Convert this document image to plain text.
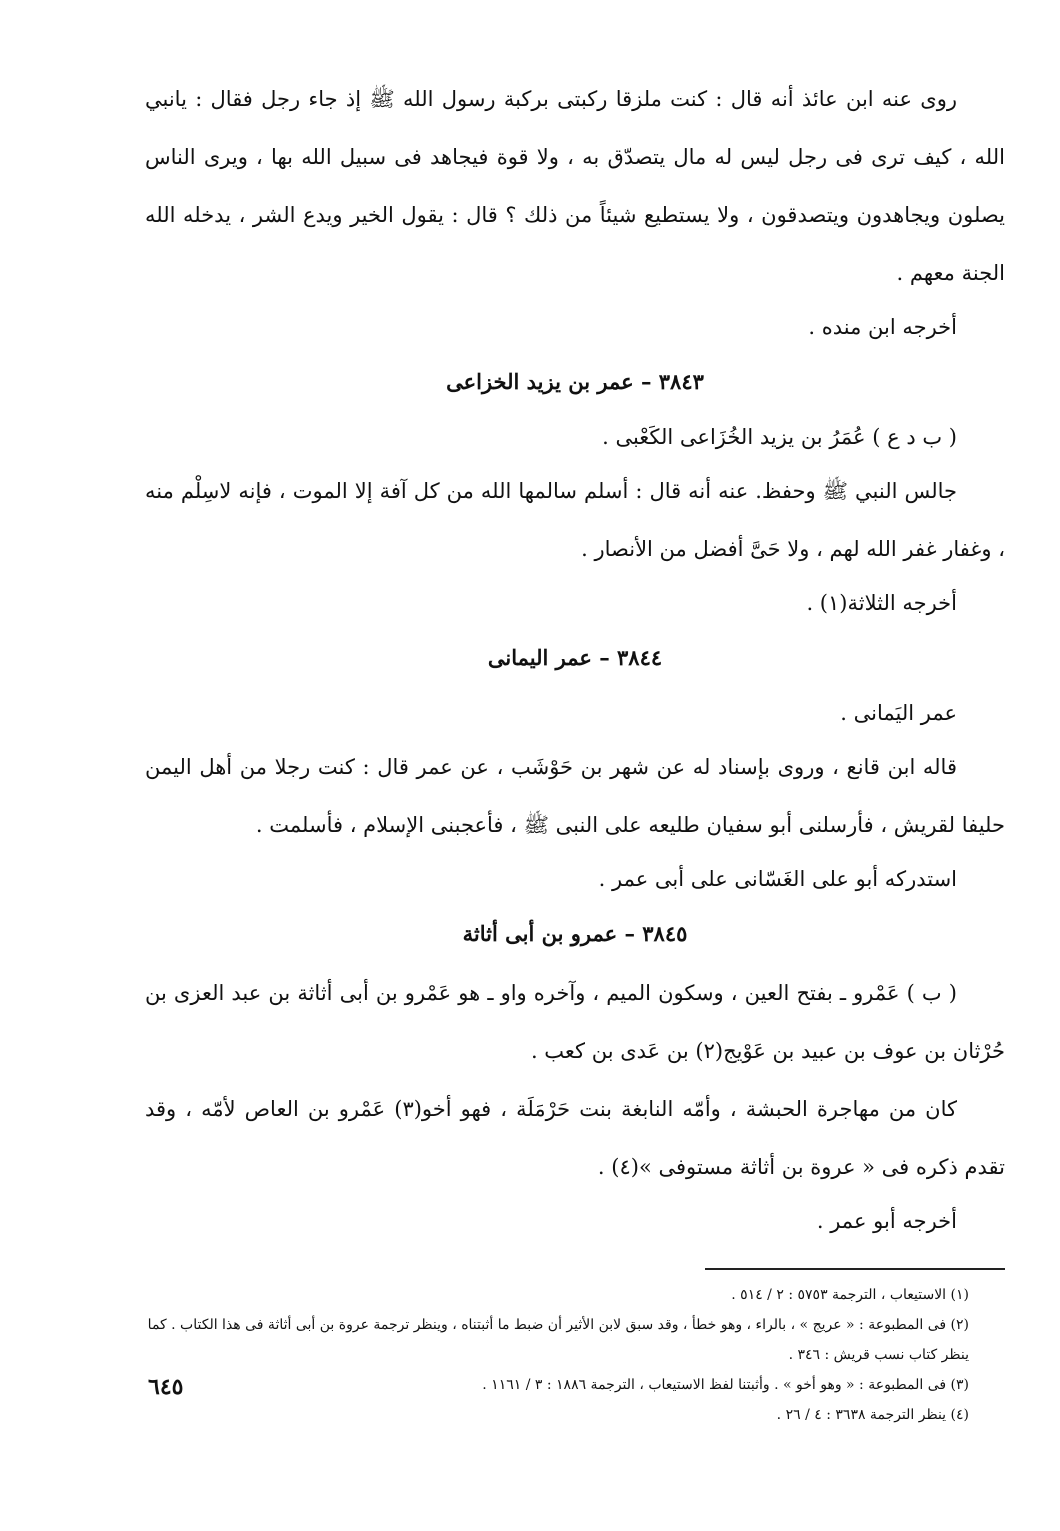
روى عنه ابن عائذ أنه قال : كنت ملزقا ركبتى بركبة رسول الله ﷺ إذ جاء رجل فقال : يانبي الله ، كيف ترى فى رجل ليس له مال يتصدّق به ، ولا قوة فيجاهد فى سبيل الله بها ، ويرى الناس يصلون ويجاهدون ويتصدقون ، ولا يستطيع شيئاً من ذلك ؟ قال : يقول الخير ويدع الشر ، يدخله الله الجنة معهم .

أخرجه ابن منده .

٣٨٤٣ – عمر بن يزيد الخزاعى

( ب د ع ) عُمَرُ بن يزيد الخُزَاعى الكَعْبى .

جالس النبي ﷺ وحفظ. عنه أنه قال : أسلم سالمها الله من كل آفة إلا الموت ، فإنه لاسِلْم منه ، وغفار غفر الله لهم ، ولا حَىَّ أفضل من الأنصار .

أخرجه الثلاثة(١) .

٣٨٤٤ – عمر اليمانى

عمر اليَمانى .

قاله ابن قانع ، وروى بإسناد له عن شهر بن حَوْشَب ، عن عمر قال : كنت رجلا من أهل اليمن حليفا لقريش ، فأرسلنى أبو سفيان طليعه على النبى ﷺ ، فأعجبنى الإسلام ، فأسلمت .

استدركه أبو على الغَسّانى على أبى عمر .

٣٨٤٥ – عمرو بن أبى أثاثة

( ب ) عَمْرو ـ بفتح العين ، وسكون الميم ، وآخره واو ـ هو عَمْرو بن أبى أثاثة بن عبد العزى بن حُرْثان بن عوف بن عبيد بن عَوْيج(٢) بن عَدى بن كعب .

كان من مهاجرة الحبشة ، وأمّه النابغة بنت حَرْمَلَة ، فهو أخو(٣) عَمْرو بن العاص لأمّه ، وقد تقدم ذكره فى « عروة بن أثاثة مستوفى »(٤) .

أخرجه أبو عمر .

(١) الاستيعاب ، الترجمة ٥٧٥٣ : ٢ / ٥١٤ .

(٢) فى المطبوعة : « عريج » ، بالراء ، وهو خطأ ، وقد سبق لابن الأثير أن ضبط ما أثبتناه ، وينظر ترجمة عروة بن أبى أثاثة فى هذا الكتاب . كما ينظر كتاب نسب قريش : ٣٤٦ .

(٣) فى المطبوعة : « وهو أخو » . وأثبتنا لفظ الاستيعاب ، الترجمة ١٨٨٦ : ٣ / ١١٦١ .

(٤) ينظر الترجمة ٣٦٣٨ : ٤ / ٢٦ .

٦٤٥
